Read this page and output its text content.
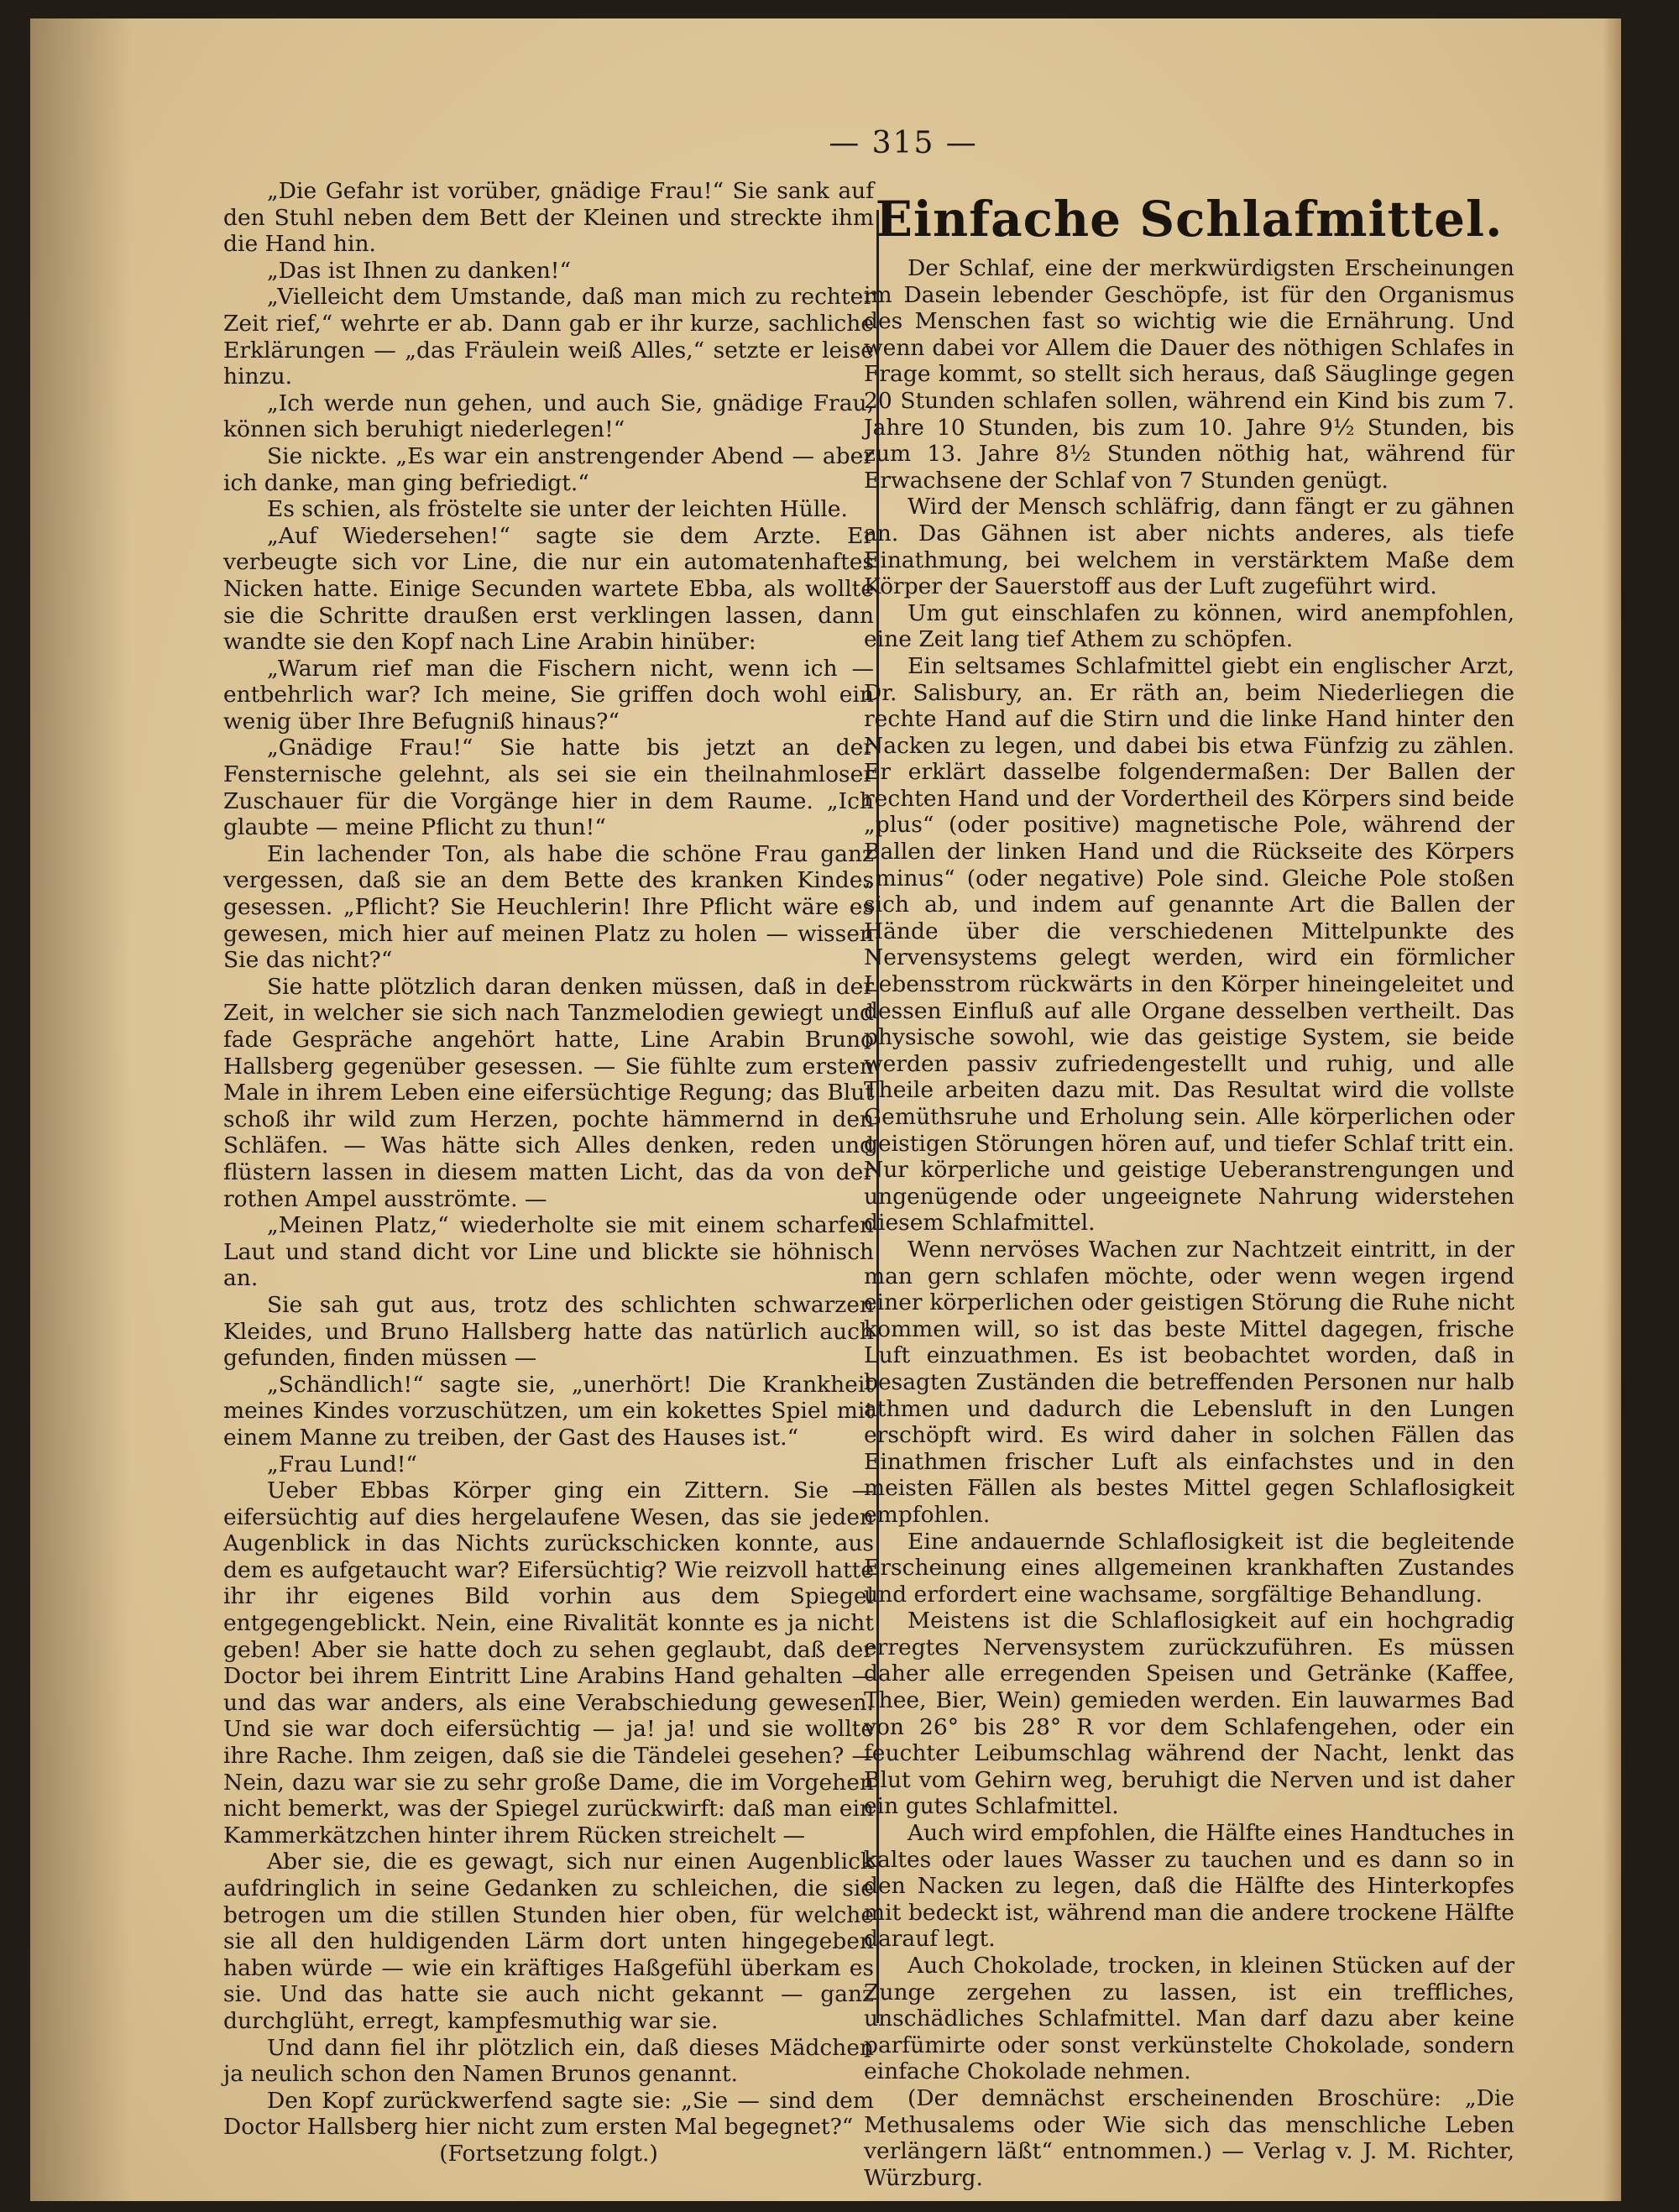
— 315 —

„Die Gefahr ist vorüber, gnädige Frau!“ Sie sank auf den Stuhl neben dem Bett der Kleinen und streckte ihm die Hand hin.

„Das ist Ihnen zu danken!“

„Vielleicht dem Umstande, daß man mich zu rechter Zeit rief,“ wehrte er ab. Dann gab er ihr kurze, sachliche Erklärungen — „das Fräulein weiß Alles,“ setzte er leise hinzu.

„Ich werde nun gehen, und auch Sie, gnädige Frau, können sich beruhigt niederlegen!“

Sie nickte. „Es war ein anstrengender Abend — aber ich danke, man ging befriedigt.“

Es schien, als fröstelte sie unter der leichten Hülle.

„Auf Wiedersehen!“ sagte sie dem Arzte. Er verbeugte sich vor Line, die nur ein automatenhaftes Nicken hatte. Einige Secunden wartete Ebba, als wollte sie die Schritte draußen erst verklingen lassen, dann wandte sie den Kopf nach Line Arabin hinüber:

„Warum rief man die Fischern nicht, wenn ich — entbehrlich war? Ich meine, Sie griffen doch wohl ein wenig über Ihre Befugniß hinaus?“

„Gnädige Frau!“ Sie hatte bis jetzt an der Fensternische gelehnt, als sei sie ein theilnahmloser Zuschauer für die Vorgänge hier in dem Raume. „Ich glaubte — meine Pflicht zu thun!“

Ein lachender Ton, als habe die schöne Frau ganz vergessen, daß sie an dem Bette des kranken Kindes gesessen. „Pflicht? Sie Heuchlerin! Ihre Pflicht wäre es gewesen, mich hier auf meinen Platz zu holen — wissen Sie das nicht?“

Sie hatte plötzlich daran denken müssen, daß in der Zeit, in welcher sie sich nach Tanzmelodien gewiegt und fade Gespräche angehört hatte, Line Arabin Bruno Hallsberg gegenüber gesessen. — Sie fühlte zum ersten Male in ihrem Leben eine eifersüchtige Regung; das Blut schoß ihr wild zum Herzen, pochte hämmernd in den Schläfen. — Was hätte sich Alles denken, reden und flüstern lassen in diesem matten Licht, das da von der rothen Ampel ausströmte. —

„Meinen Platz,“ wiederholte sie mit einem scharfen Laut und stand dicht vor Line und blickte sie höhnisch an.

Sie sah gut aus, trotz des schlichten schwarzen Kleides, und Bruno Hallsberg hatte das natürlich auch gefunden, finden müssen —

„Schändlich!“ sagte sie, „unerhört! Die Krankheit meines Kindes vorzuschützen, um ein kokettes Spiel mit einem Manne zu treiben, der Gast des Hauses ist.“

„Frau Lund!“

Ueber Ebbas Körper ging ein Zittern. Sie — eifersüchtig auf dies hergelaufene Wesen, das sie jeden Augenblick in das Nichts zurückschicken konnte, aus dem es aufgetaucht war? Eifersüchtig? Wie reizvoll hatte ihr ihr eigenes Bild vorhin aus dem Spiegel entgegengeblickt. Nein, eine Rivalität konnte es ja nicht geben! Aber sie hatte doch zu sehen geglaubt, daß der Doctor bei ihrem Eintritt Line Arabins Hand gehalten — und das war anders, als eine Verabschiedung gewesen. Und sie war doch eifersüchtig — ja! ja! und sie wollte ihre Rache. Ihm zeigen, daß sie die Tändelei gesehen? — Nein, dazu war sie zu sehr große Dame, die im Vorgehen nicht bemerkt, was der Spiegel zurückwirft: daß man ein Kammerkätzchen hinter ihrem Rücken streichelt —

Aber sie, die es gewagt, sich nur einen Augenblick aufdringlich in seine Gedanken zu schleichen, die sie betrogen um die stillen Stunden hier oben, für welche sie all den huldigenden Lärm dort unten hingegeben haben würde — wie ein kräftiges Haßgefühl überkam es sie. Und das hatte sie auch nicht gekannt — ganz durchglüht, erregt, kampfesmuthig war sie.

Und dann fiel ihr plötzlich ein, daß dieses Mädchen ja neulich schon den Namen Brunos genannt.

Den Kopf zurückwerfend sagte sie: „Sie — sind dem Doctor Hallsberg hier nicht zum ersten Mal begegnet?“

(Fortsetzung folgt.)

Der Schlaf, eine der merkwürdigsten Erscheinungen im Dasein lebender Geschöpfe, ist für den Organismus des Menschen fast so wichtig wie die Ernährung. Und wenn dabei vor Allem die Dauer des nöthigen Schlafes in Frage kommt, so stellt sich heraus, daß Säuglinge gegen 20 Stunden schlafen sollen, während ein Kind bis zum 7. Jahre 10 Stunden, bis zum 10. Jahre 9½ Stunden, bis zum 13. Jahre 8½ Stunden nöthig hat, während für Erwachsene der Schlaf von 7 Stunden genügt.

Wird der Mensch schläfrig, dann fängt er zu gähnen an. Das Gähnen ist aber nichts anderes, als tiefe Einathmung, bei welchem in verstärktem Maße dem Körper der Sauerstoff aus der Luft zugeführt wird.

Um gut einschlafen zu können, wird anempfohlen, eine Zeit lang tief Athem zu schöpfen.

Ein seltsames Schlafmittel giebt ein englischer Arzt, Dr. Salisbury, an. Er räth an, beim Niederliegen die rechte Hand auf die Stirn und die linke Hand hinter den Nacken zu legen, und dabei bis etwa Fünfzig zu zählen. Er erklärt dasselbe folgendermaßen: Der Ballen der rechten Hand und der Vordertheil des Körpers sind beide „plus“ (oder positive) magnetische Pole, während der Ballen der linken Hand und die Rückseite des Körpers „minus“ (oder negative) Pole sind. Gleiche Pole stoßen sich ab, und indem auf genannte Art die Ballen der Hände über die verschiedenen Mittelpunkte des Nervensystems gelegt werden, wird ein förmlicher Lebensstrom rückwärts in den Körper hineingeleitet und dessen Einfluß auf alle Organe desselben vertheilt. Das physische sowohl, wie das geistige System, sie beide werden passiv zufriedengestellt und ruhig, und alle Theile arbeiten dazu mit. Das Resultat wird die vollste Gemüthsruhe und Erholung sein. Alle körperlichen oder geistigen Störungen hören auf, und tiefer Schlaf tritt ein. Nur körperliche und geistige Ueberanstrengungen und ungenügende oder ungeeignete Nahrung widerstehen diesem Schlafmittel.

Wenn nervöses Wachen zur Nachtzeit eintritt, in der man gern schlafen möchte, oder wenn wegen irgend einer körperlichen oder geistigen Störung die Ruhe nicht kommen will, so ist das beste Mittel dagegen, frische Luft einzuathmen. Es ist beobachtet worden, daß in besagten Zuständen die betreffenden Personen nur halb athmen und dadurch die Lebensluft in den Lungen erschöpft wird. Es wird daher in solchen Fällen das Einathmen frischer Luft als einfachstes und in den meisten Fällen als bestes Mittel gegen Schlaflosigkeit empfohlen.

Eine andauernde Schlaflosigkeit ist die begleitende Erscheinung eines allgemeinen krankhaften Zustandes und erfordert eine wachsame, sorgfältige Behandlung.

Meistens ist die Schlaflosigkeit auf ein hochgradig erregtes Nervensystem zurückzuführen. Es müssen daher alle erregenden Speisen und Getränke (Kaffee, Thee, Bier, Wein) gemieden werden. Ein lauwarmes Bad von 26° bis 28° R vor dem Schlafengehen, oder ein feuchter Leibumschlag während der Nacht, lenkt das Blut vom Gehirn weg, beruhigt die Nerven und ist daher ein gutes Schlafmittel.

Auch wird empfohlen, die Hälfte eines Handtuches in kaltes oder laues Wasser zu tauchen und es dann so in den Nacken zu legen, daß die Hälfte des Hinterkopfes mit bedeckt ist, während man die andere trockene Hälfte darauf legt.

Auch Chokolade, trocken, in kleinen Stücken auf der Zunge zergehen zu lassen, ist ein treffliches, unschädliches Schlafmittel. Man darf dazu aber keine parfümirte oder sonst verkünstelte Chokolade, sondern einfache Chokolade nehmen.

(Der demnächst erscheinenden Broschüre: „Die Methusalems oder Wie sich das menschliche Leben verlängern läßt“ entnommen.) — Verlag v. J. M. Richter, Würzburg.

Einfache Schlafmittel.
